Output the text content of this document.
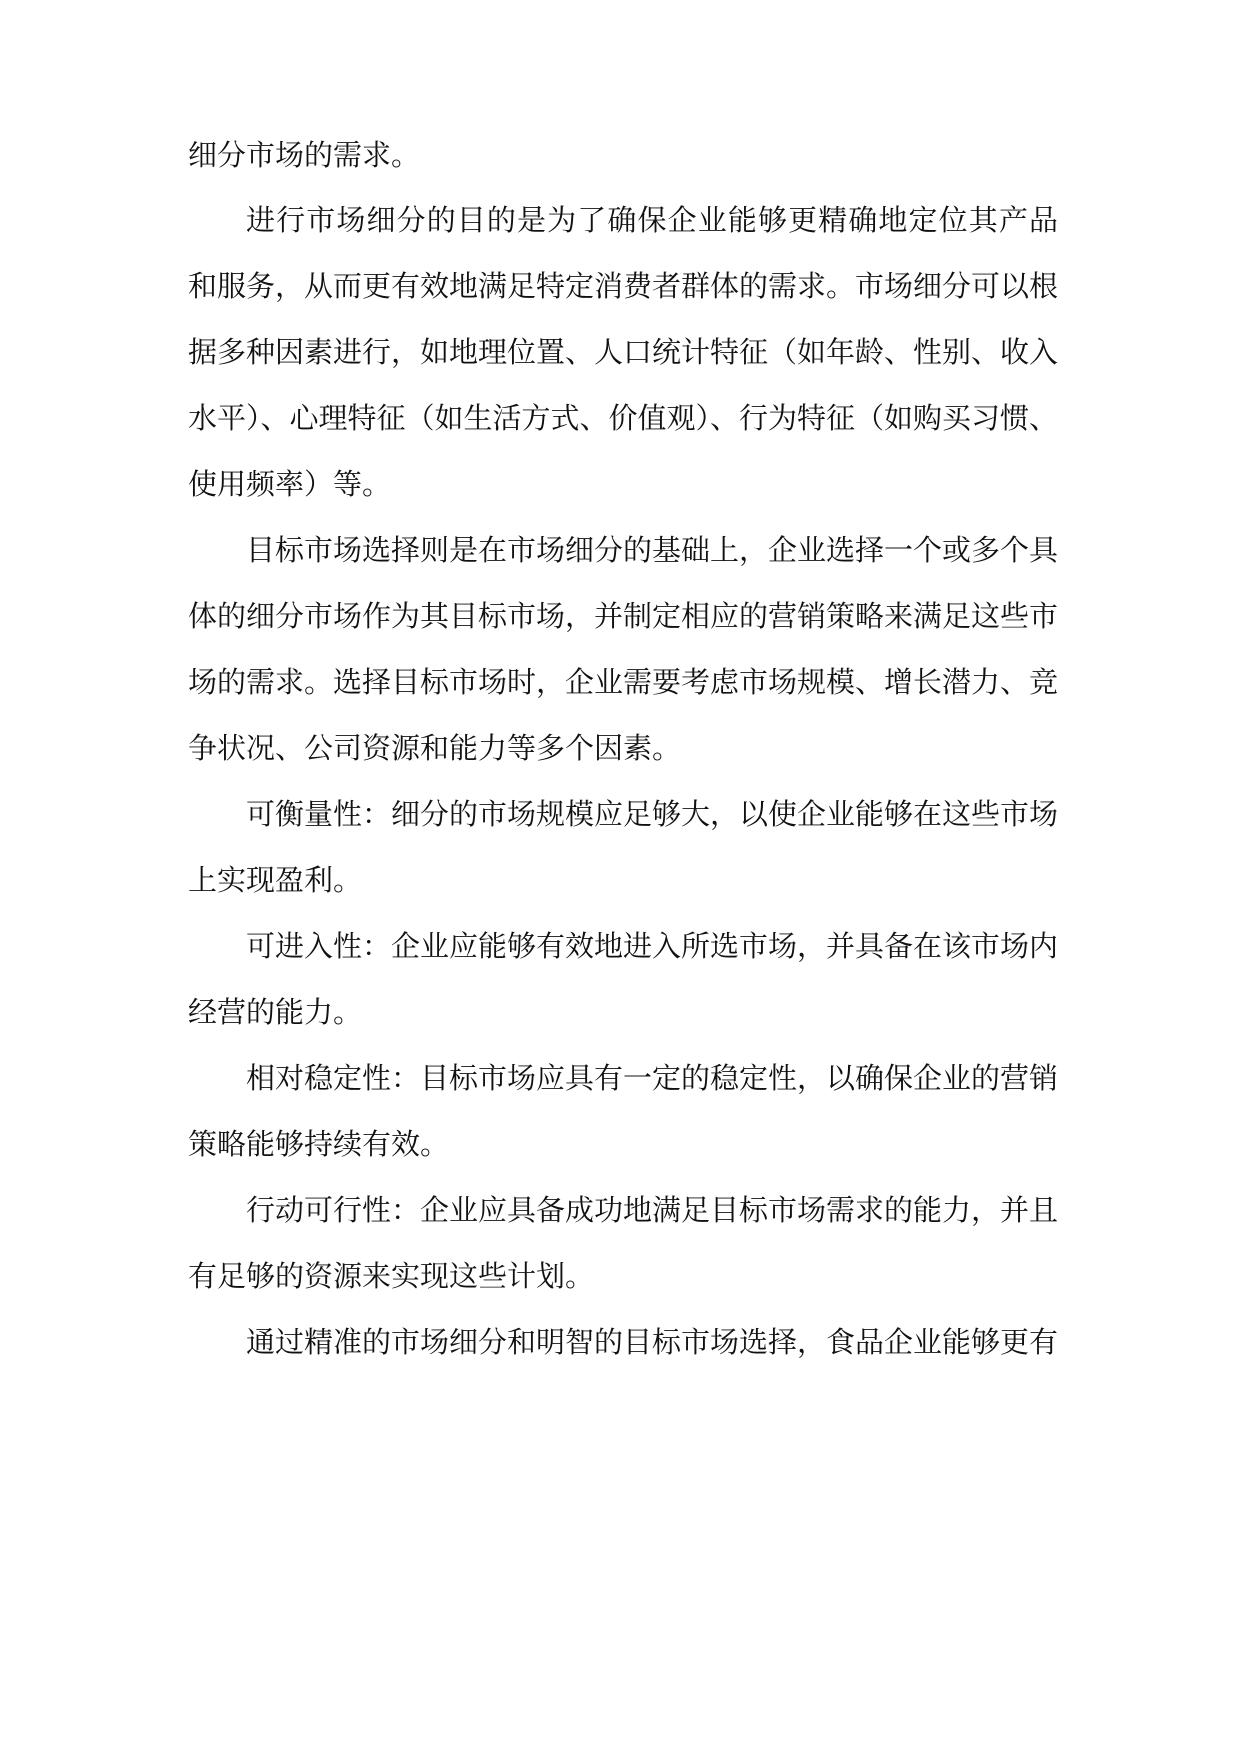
细分市场的需求。

进行市场细分的目的是为了确保企业能够更精确地定位其产品

和服务，从而更有效地满足特定消费者群体的需求。市场细分可以根

据多种因素进行，如地理位置、人口统计特征（如年龄、性别、收入

水平）、心理特征（如生活方式、价值观）、行为特征（如购买习惯、

使用频率）等。

目标市场选择则是在市场细分的基础上，企业选择一个或多个具

体的细分市场作为其目标市场，并制定相应的营销策略来满足这些市

场的需求。选择目标市场时，企业需要考虑市场规模、增长潜力、竞

争状况、公司资源和能力等多个因素。

可衡量性：细分的市场规模应足够大，以使企业能够在这些市场

上实现盈利。

可进入性：企业应能够有效地进入所选市场，并具备在该市场内

经营的能力。

相对稳定性：目标市场应具有一定的稳定性，以确保企业的营销

策略能够持续有效。

行动可行性：企业应具备成功地满足目标市场需求的能力，并且

有足够的资源来实现这些计划。

通过精准的市场细分和明智的目标市场选择，食品企业能够更有
